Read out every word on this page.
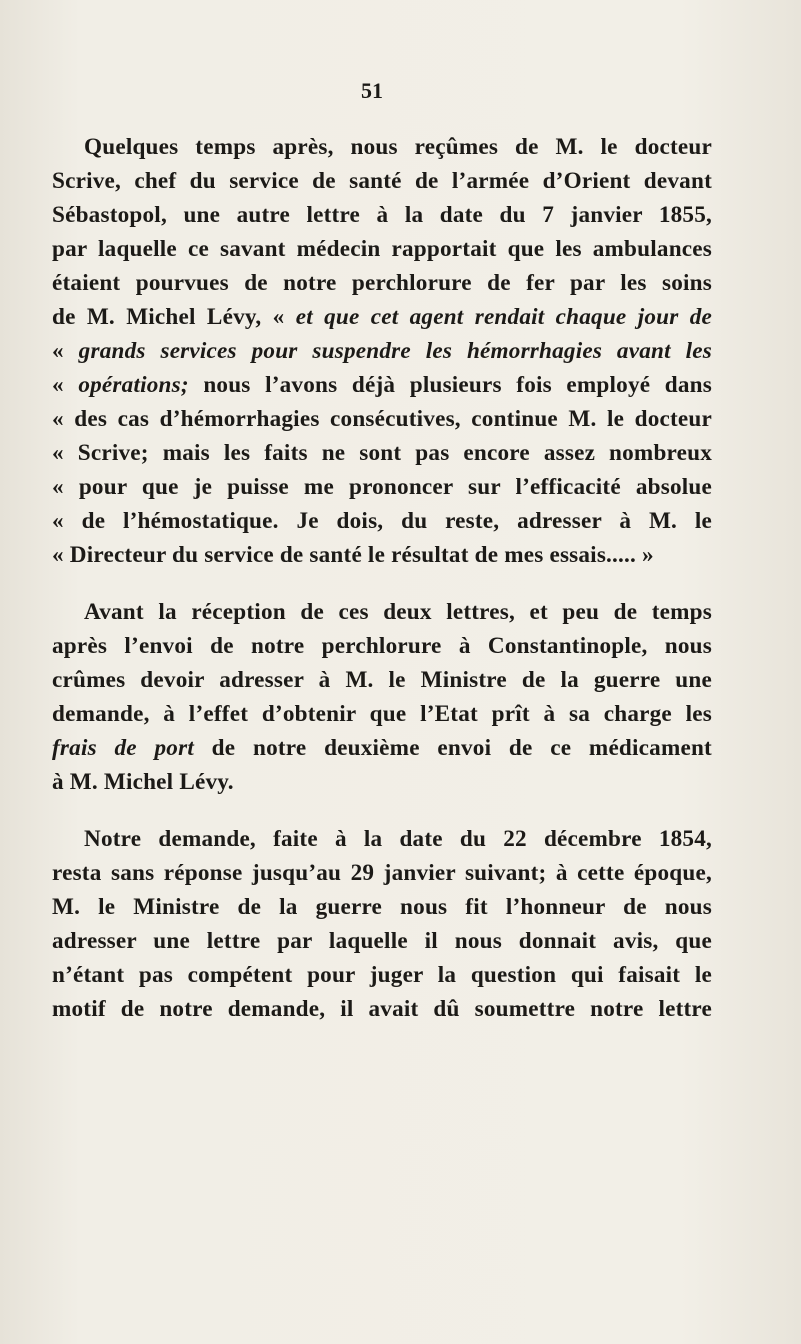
51
Quelques temps après, nous reçûmes de M. le docteur
Scrive, chef du service de santé de l’armée d’Orient devant
Sébastopol, une autre lettre à la date du 7 janvier 1855,
par laquelle ce savant médecin rapportait que les ambulances
étaient pourvues de notre perchlorure de fer par les soins
de M. Michel Lévy, « et que cet agent rendait chaque jour de
« grands services pour suspendre les hémorrhagies avant les
« opérations; nous l’avons déjà plusieurs fois employé dans
« des cas d’hémorrhagies consécutives, continue M. le docteur
« Scrive; mais les faits ne sont pas encore assez nombreux
« pour que je puisse me prononcer sur l’efficacité absolue
« de l’hémostatique. Je dois, du reste, adresser à M. le
« Directeur du service de santé le résultat de mes essais..... »
Avant la réception de ces deux lettres, et peu de temps
après l’envoi de notre perchlorure à Constantinople, nous
crûmes devoir adresser à M. le Ministre de la guerre une
demande, à l’effet d’obtenir que l’Etat prît à sa charge les
frais de port de notre deuxième envoi de ce médicament
à M. Michel Lévy.
Notre demande, faite à la date du 22 décembre 1854,
resta sans réponse jusqu’au 29 janvier suivant; à cette époque,
M. le Ministre de la guerre nous fit l’honneur de nous
adresser une lettre par laquelle il nous donnait avis, que
n’étant pas compétent pour juger la question qui faisait le
motif de notre demande, il avait dû soumettre notre lettre
